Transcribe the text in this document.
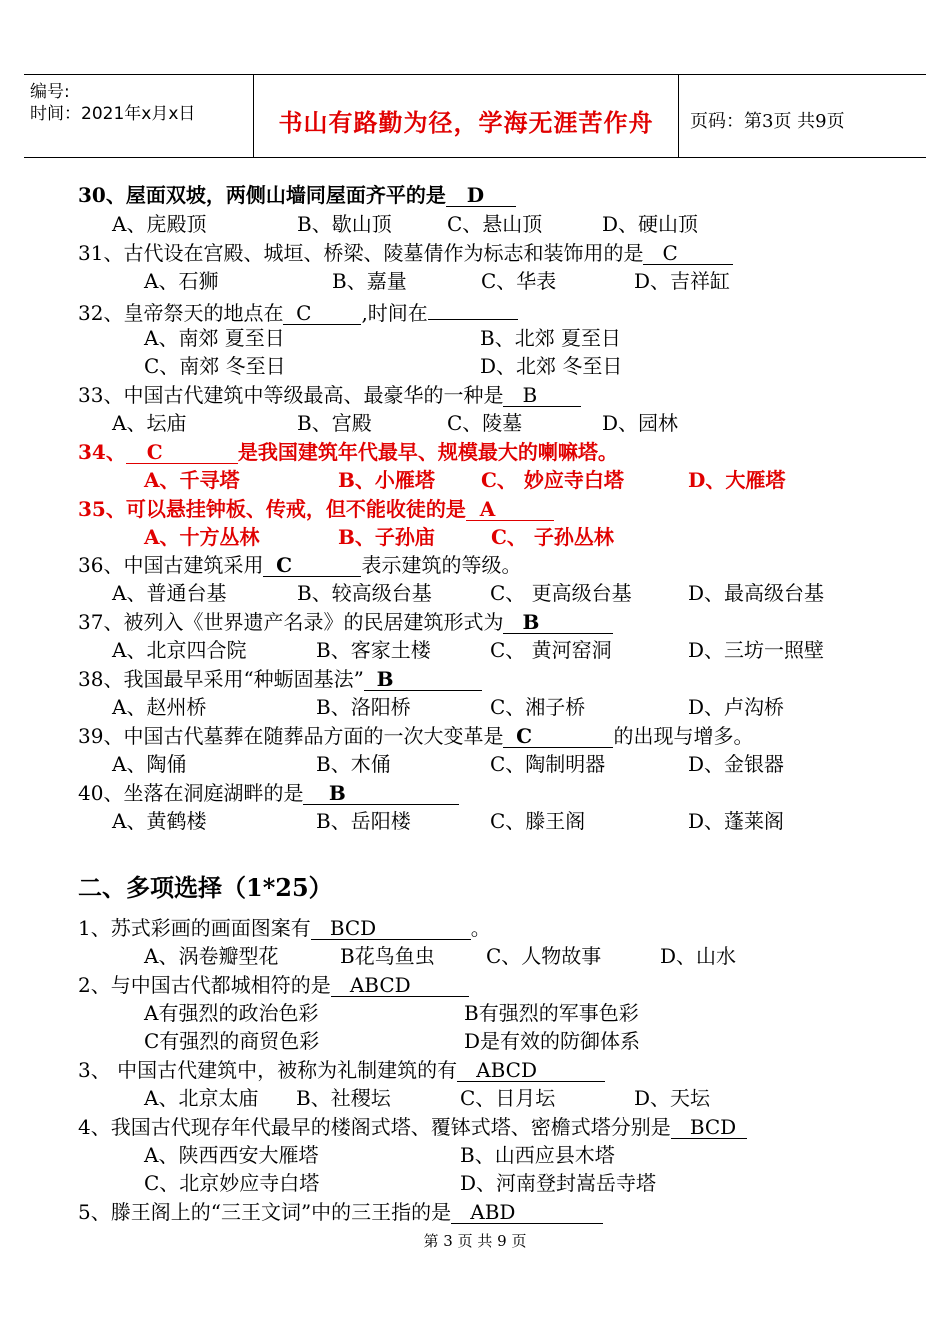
编号:
时间：2021年x月x日	书山有路勤为径，学海无涯苦作舟	页码：第3页 共9页
30、屋面双坡，两侧山墙同屋面齐平的是 D
A、庑殿顶	B、歇山顶	C、悬山顶	D、硬山顶
31、古代设在宫殿、城垣、桥梁、陵墓倩作为标志和装饰用的是 C
A、石狮	B、嘉量	C、华表	D、吉祥缸
32、皇帝祭天的地点在 C ,时间在
A、南郊 夏至日	B、北郊 夏至日
C、南郊 冬至日	D、北郊 冬至日
33、中国古代建筑中等级最高、最豪华的一种是 B
A、坛庙	B、宫殿	C、陵墓	D、园林
34、 C	是我国建筑年代最早、规模最大的喇嘛塔。
A、千寻塔	B、小雁塔 C、 妙应寺白塔	D、大雁塔
35、可以悬挂钟板、传戒，但不能收徒的是 A
A、十方丛林	B、子孙庙	C、 子孙丛林
36、中国古建筑采用 C	表示建筑的等级。
A、普通台基	B、较高级台基	C、 更高级台基	D、最高级台基
37、被列入《世界遗产名录》的民居建筑形式为 B
A、北京四合院	B、客家土楼	C、 黄河窑洞	D、三坊一照壁
38、我国最早采用“种蛎固基法” B
A、赵州桥	B、洛阳桥	C、湘子桥	D、卢沟桥
39、中国古代墓葬在随葬品方面的一次大变革是 C	的出现与增多。
A、陶俑	B、木俑	C、陶制明器	D、金银器
40、坐落在洞庭湖畔的是 B
A、黄鹤楼	B、岳阳楼	C、滕王阁	D、蓬莱阁
二、多项选择（1*25）
1、苏式彩画的画面图案有 BCD	。
A、涡卷瓣型花	B花鸟鱼虫	C、人物故事	D、山水
2、与中国古代都城相符的是 ABCD
A有强烈的政治色彩	B有强烈的军事色彩
C有强烈的商贸色彩	D是有效的防御体系
3、 中国古代建筑中，被称为礼制建筑的有 ABCD
A、北京太庙 B、社稷坛	C、日月坛	D、天坛
4、我国古代现存年代最早的楼阁式塔、覆钵式塔、密檐式塔分别是 BCD
A、陕西西安大雁塔	B、山西应县木塔
C、北京妙应寺白塔	D、河南登封嵩岳寺塔
5、滕王阁上的“三王文词”中的三王指的是 ABD
第 3 页 共 9 页
